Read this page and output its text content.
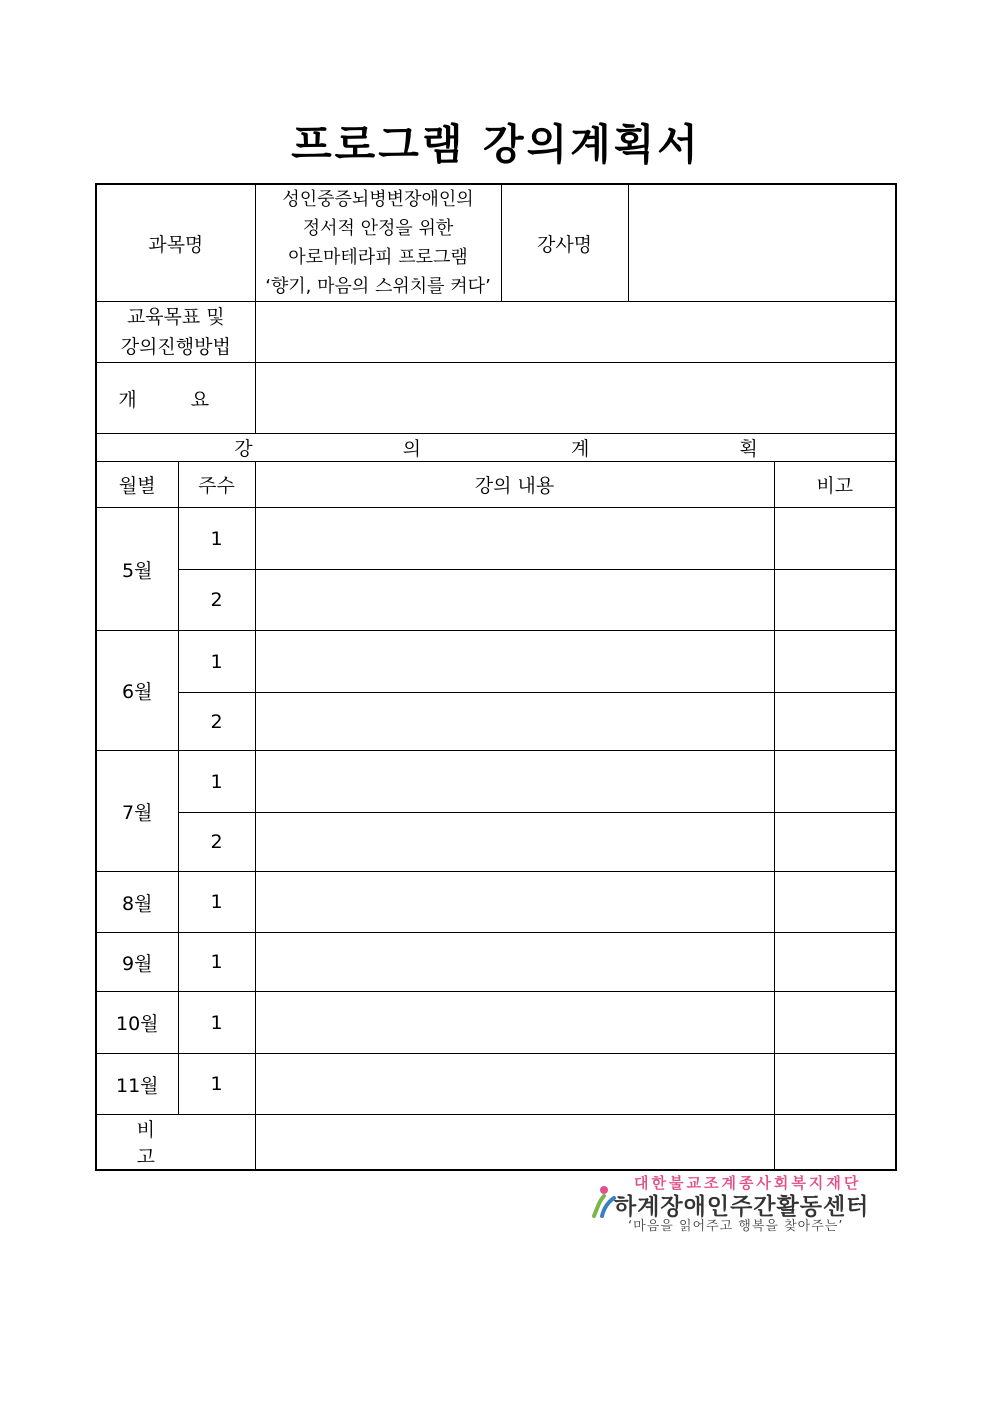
프로그램 강의계획서
과목명		성인중증뇌병변장애인의
정서적 안정을 위한
아로마테라피 프로그램
‘향기, 마음의 스위치를 켜다’	강사명		

교육목표 및
강의진행방법					

개 요					
강 의 계 획					
월별	주수	강의 내용			비고
5월	1				
	2				
6월	1				
	2				
7월	1				
	2				
8월	1				
9월	1				
10월	1				
11월	1				
비 고					
대한불교조계종사회복지재단
하계장애인주간활동센터
‘마음을 읽어주고 행복을 찾아주는’
